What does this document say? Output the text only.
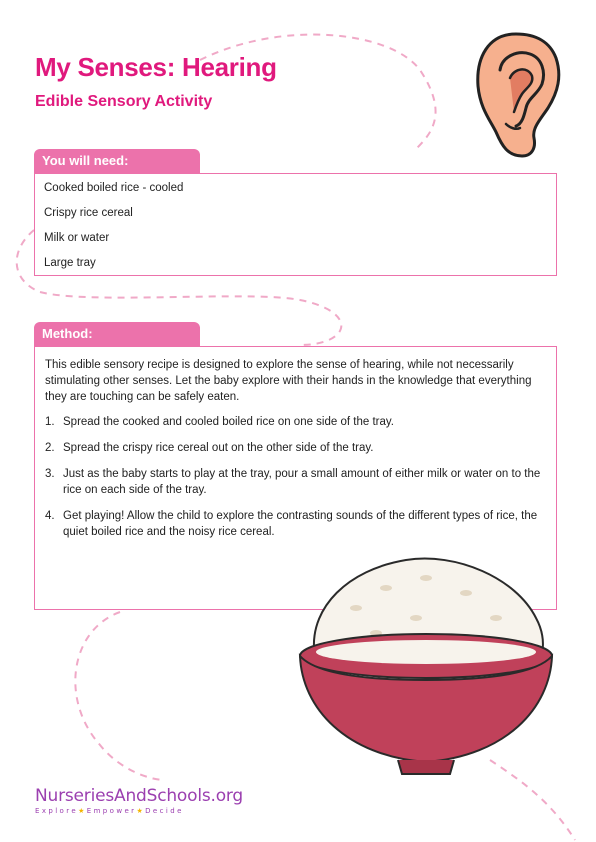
My Senses: Hearing
Edible Sensory Activity
You will need:
Cooked boiled rice - cooled
Crispy rice cereal
Milk or water
Large tray
Method:

This edible sensory recipe is designed to explore the sense of hearing, while not necessarily stimulating other senses. Let the baby explore with their hands in the knowledge that everything they are touching can be safely eaten.

1. Spread the cooked and cooled boiled rice on one side of the tray.
2. Spread the crispy rice cereal out on the other side of the tray.
3. Just as the baby starts to play at the tray, pour a small amount of either milk or water on to the rice on each side of the tray.
4. Get playing! Allow the child to explore the contrasting sounds of the different types of rice, the quiet boiled rice and the noisy rice cereal.
NurseriesAndSchools.org
Explore★Empower★Decide
